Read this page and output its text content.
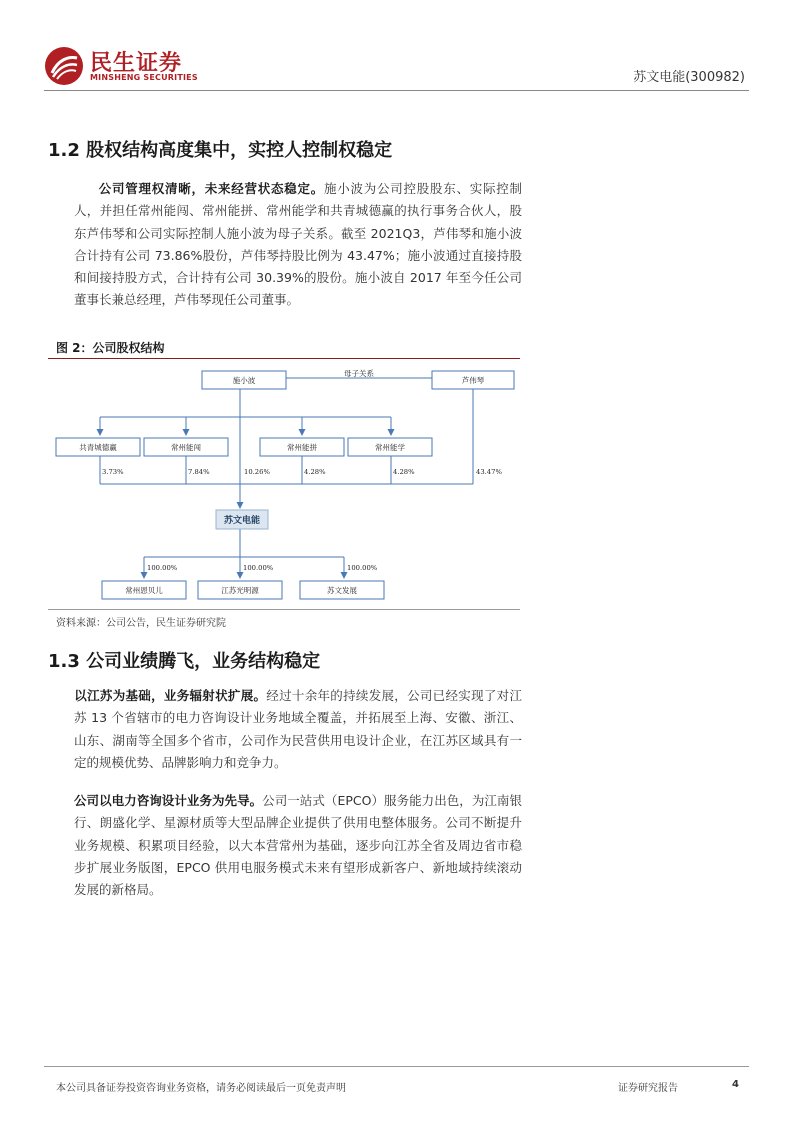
民生证券
MINSHENG SECURITIES	苏文电能(300982)
1.2 股权结构高度集中，实控人控制权稳定
公司管理权清晰，未来经营状态稳定。施小波为公司控股股东、实际控制人，并担任常州能闯、常州能拼、常州能学和共青城德赢的执行事务合伙人，股东芦伟琴和公司实际控制人施小波为母子关系。截至 2021Q3，芦伟琴和施小波合计持有公司 73.86%股份，芦伟琴持股比例为 43.47%；施小波通过直接持股和间接持股方式，合计持有公司 30.39%的股份。施小波自 2017 年至今任公司董事长兼总经理，芦伟琴现任公司董事。
图 2：公司股权结构
施小波
母子关系
芦伟琴
共青城德赢	常州能闯	常州能拼	常州能学
3.73%	7.84%	10.26%	4.28%	4.28%	43.47%
苏文电能
100.00%	100.00%	100.00%
常州恩贝儿	江苏光明源	苏文发展
资料来源：公司公告，民生证券研究院
1.3 公司业绩腾飞，业务结构稳定
以江苏为基础，业务辐射状扩展。经过十余年的持续发展，公司已经实现了对江苏 13 个省辖市的电力咨询设计业务地域全覆盖，并拓展至上海、安徽、浙江、山东、湖南等全国多个省市，公司作为民营供用电设计企业，在江苏区域具有一定的规模优势、品牌影响力和竞争力。
公司以电力咨询设计业务为先导。公司一站式（EPCO）服务能力出色，为江南银行、朗盛化学、星源材质等大型品牌企业提供了供用电整体服务。公司不断提升业务规模、积累项目经验，以大本营常州为基础，逐步向江苏全省及周边省市稳步扩展业务版图，EPCO 供用电服务模式未来有望形成新客户、新地域持续滚动发展的新格局。
本公司具备证券投资咨询业务资格，请务必阅读最后一页免责声明	证券研究报告	4
